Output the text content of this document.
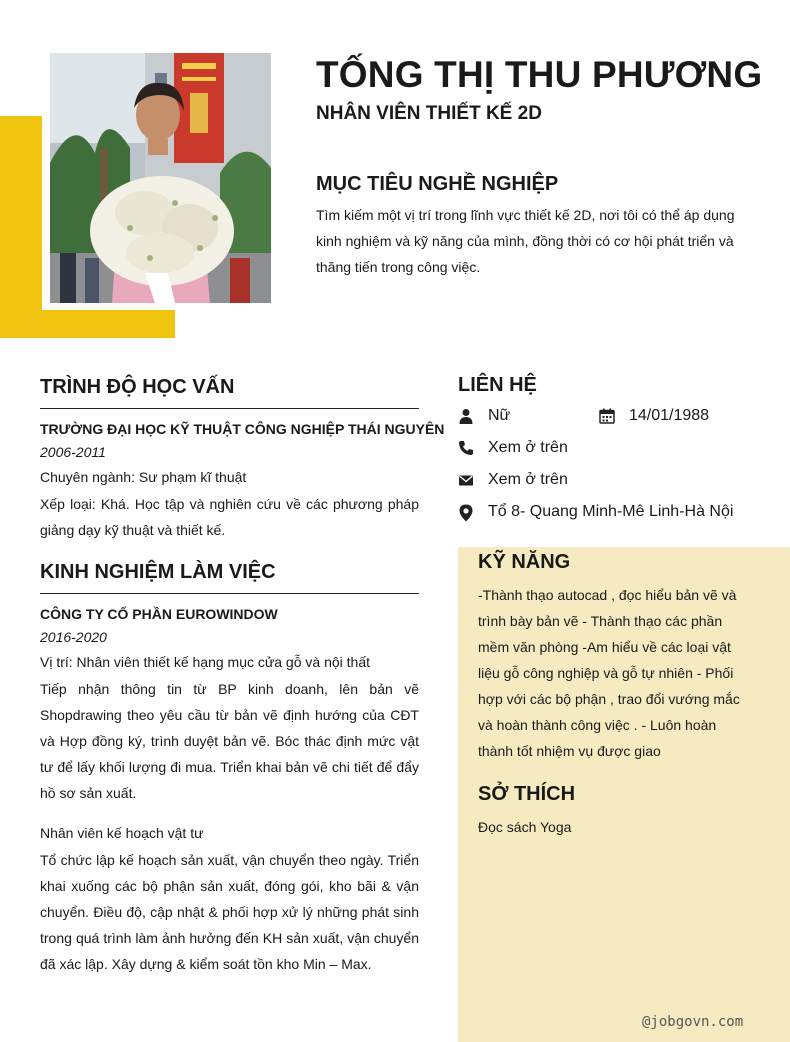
TỐNG THỊ THU PHƯƠNG
NHÂN VIÊN THIẾT KẾ 2D
MỤC TIÊU NGHỀ NGHIỆP
Tìm kiếm một vị trí trong lĩnh vực thiết kế 2D, nơi tôi có thể áp dụng kinh nghiệm và kỹ năng của mình, đồng thời có cơ hội phát triển và thăng tiến trong công việc.
TRÌNH ĐỘ HỌC VẤN
TRƯỜNG ĐẠI HỌC KỸ THUẬT CÔNG NGHIỆP THÁI NGUYÊN
2006-2011
Chuyên ngành: Sư phạm kĩ thuật
Xếp loại: Khá. Học tập và nghiên cứu về các phương pháp giảng dạy kỹ thuật và thiết kế.
KINH NGHIỆM LÀM VIỆC
CÔNG TY CỔ PHẦN EUROWINDOW
2016-2020
Vị trí: Nhân viên thiết kế hạng mục cửa gỗ và nội thất
Tiếp nhận thông tin từ BP kinh doanh, lên bản vẽ Shopdrawing theo yêu cầu từ bản vẽ định hướng của CĐT và Hợp đồng ký, trình duyệt bản vẽ. Bóc thác định mức vật tư để lấy khối lượng đi mua. Triển khai bản vẽ chi tiết để đẩy hồ sơ sản xuất.
Nhân viên kế hoạch vật tư
Tổ chức lập kế hoạch sản xuất, vận chuyển theo ngày. Triển khai xuống các bộ phận sản xuất, đóng gói, kho bãi & vận chuyển. Điều độ, cập nhật & phối hợp xử lý những phát sinh trong quá trình làm ảnh hưởng đến KH sản xuất, vận chuyển đã xác lập. Xây dựng & kiểm soát tồn kho Min – Max.
LIÊN HỆ
Nữ	14/01/1988
Xem ở trên
Xem ở trên
Tổ 8- Quang Minh-Mê Linh-Hà Nội
KỸ NĂNG
-Thành thạo autocad , đọc hiểu bản vẽ và trình bày bản vẽ - Thành thạo các phần mềm văn phòng -Am hiểu về các loại vật liệu gỗ công nghiệp và gỗ tự nhiên - Phối hợp với các bộ phận , trao đổi vướng mắc và hoàn thành công việc . - Luôn hoàn thành tốt nhiệm vụ được giao
SỞ THÍCH
Đọc sách Yoga
@jobgovn.com
